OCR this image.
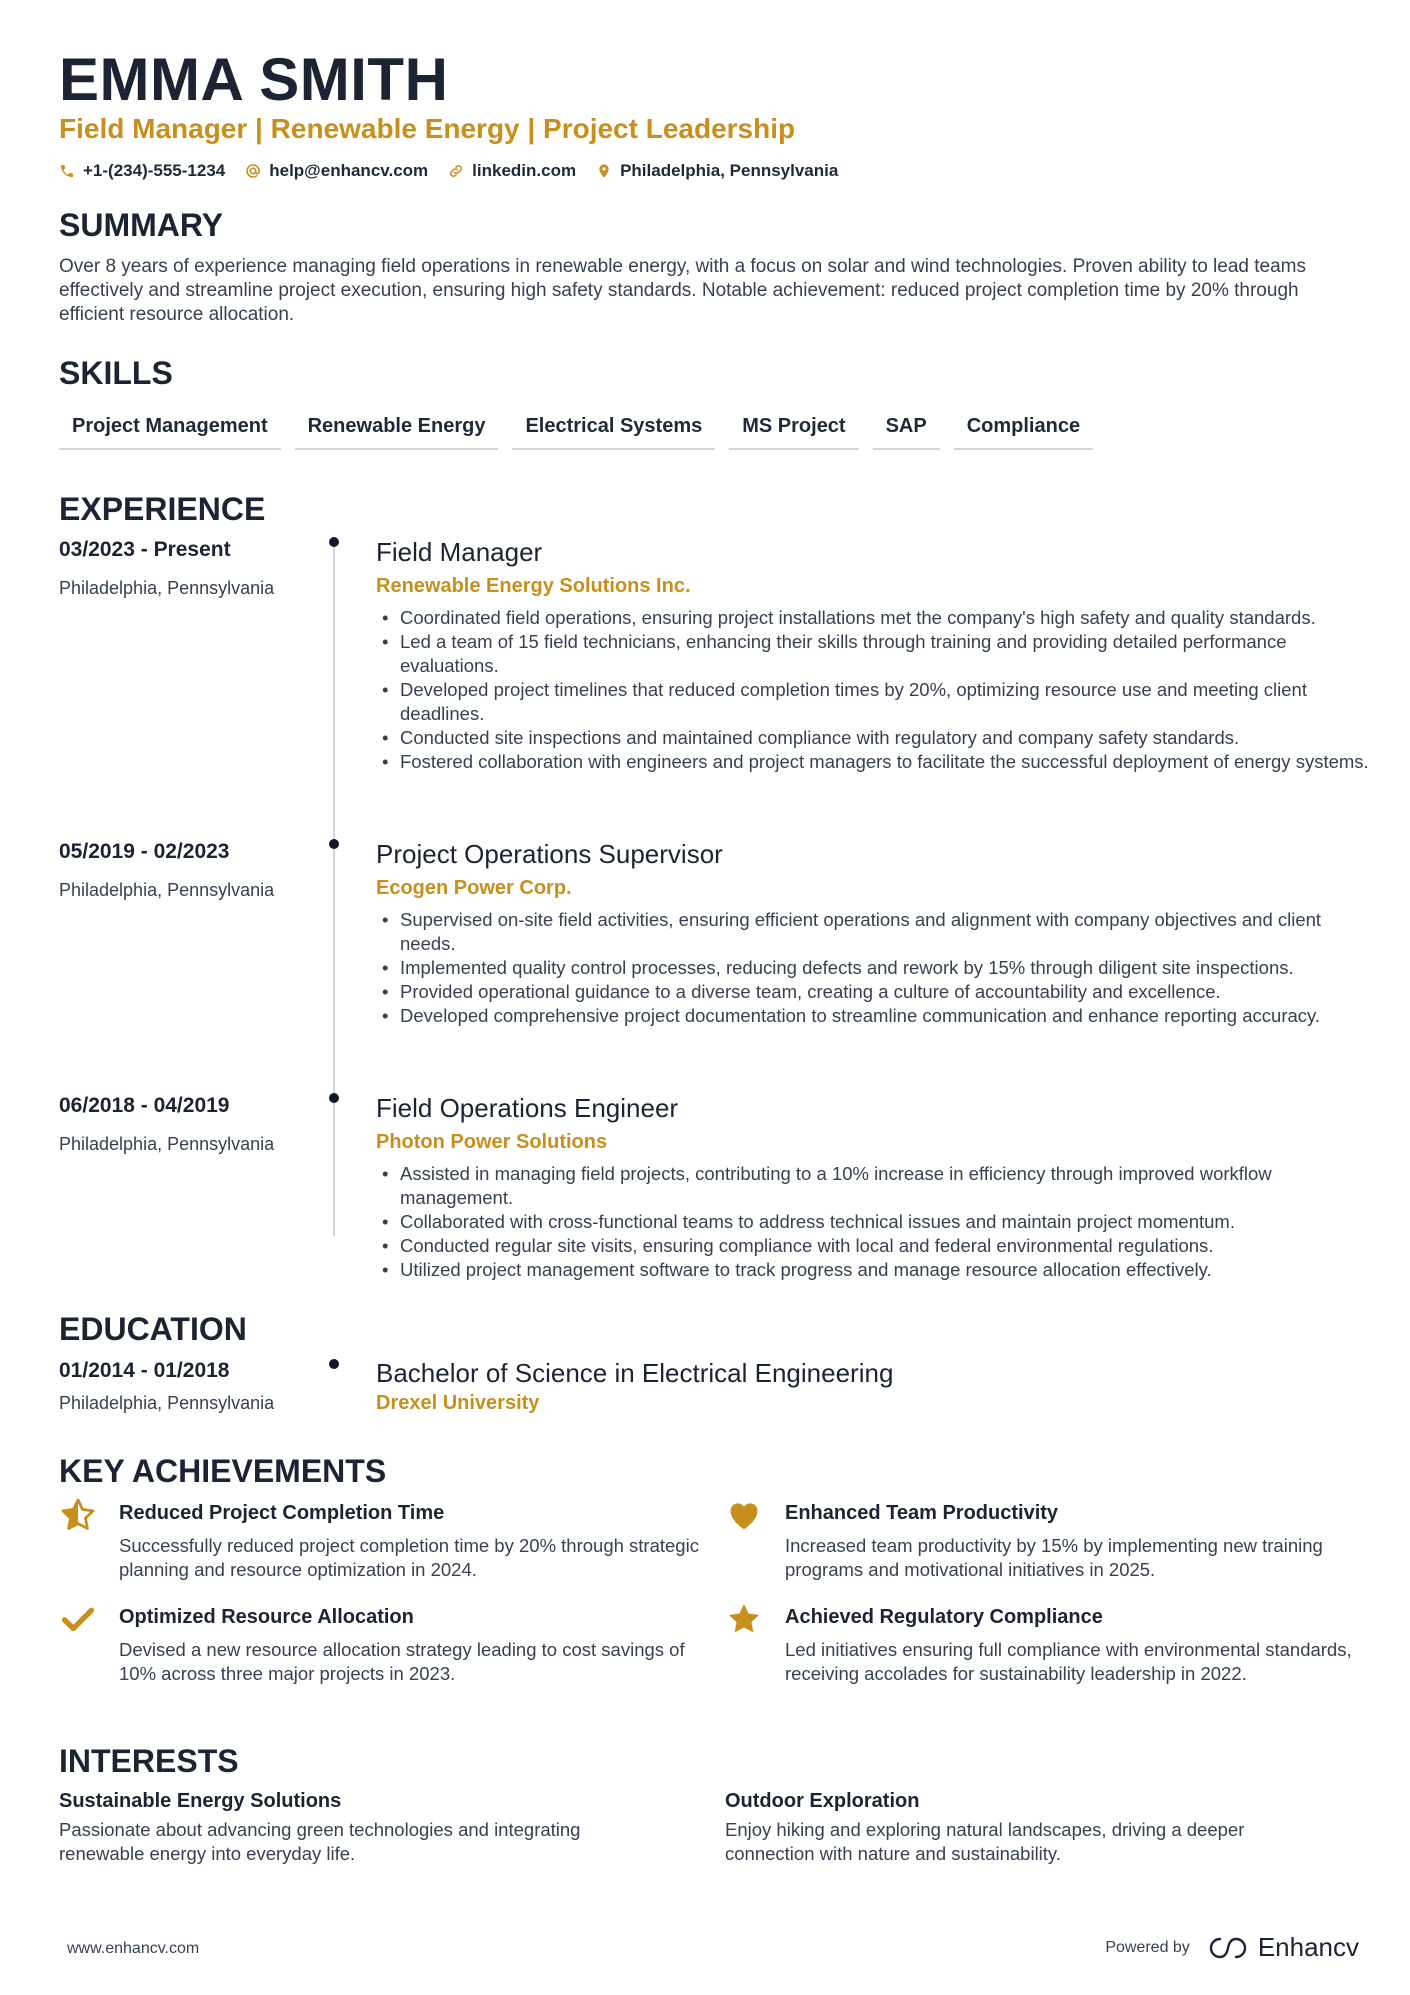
EMMA SMITH
Field Manager | Renewable Energy | Project Leadership
+1-(234)-555-1234	help@enhancv.com	linkedin.com	Philadelphia, Pennsylvania
SUMMARY
Over 8 years of experience managing field operations in renewable energy, with a focus on solar and wind technologies. Proven ability to lead teams effectively and streamline project execution, ensuring high safety standards. Notable achievement: reduced project completion time by 20% through efficient resource allocation.
SKILLS
Project Management	Renewable Energy	Electrical Systems	MS Project	SAP	Compliance
EXPERIENCE
03/2023 - Present
Philadelphia, Pennsylvania
Field Manager
Renewable Energy Solutions Inc.
• Coordinated field operations, ensuring project installations met the company's high safety and quality standards.
• Led a team of 15 field technicians, enhancing their skills through training and providing detailed performance evaluations.
• Developed project timelines that reduced completion times by 20%, optimizing resource use and meeting client deadlines.
• Conducted site inspections and maintained compliance with regulatory and company safety standards.
• Fostered collaboration with engineers and project managers to facilitate the successful deployment of energy systems.
05/2019 - 02/2023
Philadelphia, Pennsylvania
Project Operations Supervisor
Ecogen Power Corp.
• Supervised on-site field activities, ensuring efficient operations and alignment with company objectives and client needs.
• Implemented quality control processes, reducing defects and rework by 15% through diligent site inspections.
• Provided operational guidance to a diverse team, creating a culture of accountability and excellence.
• Developed comprehensive project documentation to streamline communication and enhance reporting accuracy.
06/2018 - 04/2019
Philadelphia, Pennsylvania
Field Operations Engineer
Photon Power Solutions
• Assisted in managing field projects, contributing to a 10% increase in efficiency through improved workflow management.
• Collaborated with cross-functional teams to address technical issues and maintain project momentum.
• Conducted regular site visits, ensuring compliance with local and federal environmental regulations.
• Utilized project management software to track progress and manage resource allocation effectively.
EDUCATION
01/2014 - 01/2018
Philadelphia, Pennsylvania
Bachelor of Science in Electrical Engineering
Drexel University
KEY ACHIEVEMENTS
Reduced Project Completion Time
Successfully reduced project completion time by 20% through strategic planning and resource optimization in 2024.
Enhanced Team Productivity
Increased team productivity by 15% by implementing new training programs and motivational initiatives in 2025.
Optimized Resource Allocation
Devised a new resource allocation strategy leading to cost savings of 10% across three major projects in 2023.
Achieved Regulatory Compliance
Led initiatives ensuring full compliance with environmental standards, receiving accolades for sustainability leadership in 2022.
INTERESTS
Sustainable Energy Solutions
Passionate about advancing green technologies and integrating renewable energy into everyday life.
Outdoor Exploration
Enjoy hiking and exploring natural landscapes, driving a deeper connection with nature and sustainability.
www.enhancv.com	Powered by	Enhancv
